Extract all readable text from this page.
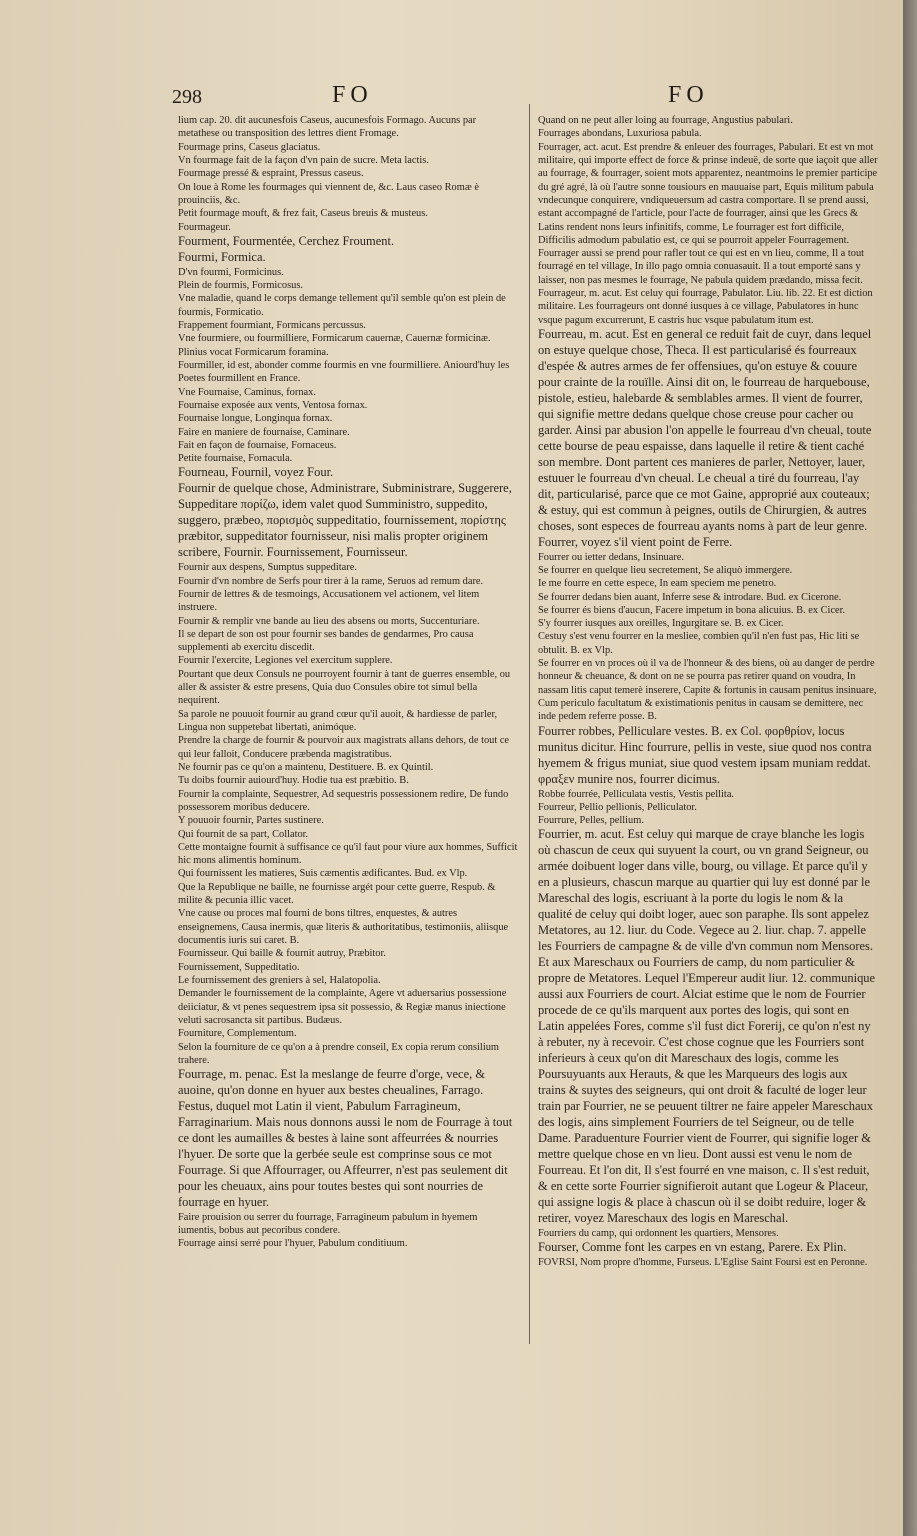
298	FO	FO

lium cap. 20. dit aucunesfois Caseus, aucunesfois Formago. Aucuns par metathese ou transposition des lettres dient Fromage.

Fourmage prins, Caseus glaciatus.

Vn fourmage fait de la façon d'vn pain de sucre. Meta lactis.

Fourmage pressé & espraint, Pressus caseus.

On loue à Rome les fourmages qui viennent de, &c. Laus caseo Romæ è prouinciis, &c.

Petit fourmage mouft, & frez fait, Caseus breuis & musteus.

Fourmageur.

Fourment, Fourmentée, Cerchez Froument.

Fourmi, Formica.

D'vn fourmi, Formicinus.

Plein de fourmis, Formicosus.

Vne maladie, quand le corps demange tellement qu'il semble qu'on est plein de fourmis, Formicatio.

Frappement fourmiant, Formicans percussus.

Vne fourmiere, ou fourmilliere, Formicarum cauernæ, Cauernæ formicinæ. Plinius vocat Formicarum foramina.

Fourmiller, id est, abonder comme fourmis en vne fourmilliere. Aniourd'huy les Poetes fourmillent en France.

Vne Fournaise, Caminus, fornax.

Fournaise exposée aux vents, Ventosa fornax.

Fournaise longue, Longinqua fornax.

Faire en maniere de fournaise, Caminare.

Fait en façon de fournaise, Fornaceus.

Petite fournaise, Fornacula.

Fourneau, Fournil, voyez Four.

Fournir de quelque chose, Administrare, Subministrare, Suggerere, Suppeditare πορίζω, idem valet quod Sumministro, suppedito, suggero, præbeo, πορισμὸς suppeditatio, fournissement, πορίστης præbitor, suppeditator fournisseur, nisi malis propter originem scribere, Fournir. Fournissement, Fournisseur.

Fournir aux despens, Sumptus suppeditare.

Fournir d'vn nombre de Serfs pour tirer à la rame, Seruos ad remum dare.

Fournir de lettres & de tesmoings, Accusationem vel actionem, vel litem instruere.

Fournir & remplir vne bande au lieu des absens ou morts, Succenturiare.

Il se depart de son ost pour fournir ses bandes de gendarmes, Pro causa supplementi ab exercitu discedit.

Fournir l'exercite, Legiones vel exercitum supplere.

Pourtant que deux Consuls ne pourroyent fournir à tant de guerres ensemble, ou aller & assister & estre presens, Quia duo Consules obire tot simul bella nequirent.

Sa parole ne pouuoit fournir au grand cœur qu'il auoit, & hardiesse de parler, Lingua non suppetebat libertati, animóque.

Prendre la charge de fournir & pourvoir aux magistrats allans dehors, de tout ce qui leur falloit, Conducere præbenda magistratibus.

Ne fournir pas ce qu'on a maintenu, Destituere. B. ex Quintil.

Tu doibs fournir auiourd'huy. Hodie tua est præbitio. B.

Fournir la complainte, Sequestrer, Ad sequestris possessionem redire, De fundo possessorem moribus deducere.

Y pouuoir fournir, Partes sustinere.

Qui fournit de sa part, Collator.

Cette montaigne fournit à suffisance ce qu'il faut pour viure aux hommes, Sufficit hic mons alimentis hominum.

Qui fournissent les matieres, Suis cæmentis ædificantes. Bud. ex Vlp.

Que la Republique ne baille, ne fournisse argét pour cette guerre, Respub. & milite & pecunia illic vacet.

Vne cause ou proces mal fourni de bons tiltres, enquestes, & autres enseignemens, Causa inermis, quæ literis & authoritatibus, testimoniis, aliisque documentis iuris sui caret. B.

Fournisseur. Qui baille & fournit autruy, Præbitor.

Fournissement, Suppeditatio.

Le fournissement des greniers à sel, Halatopolia.

Demander le fournissement de la complainte, Agere vt aduersarius possessione deiiciatur, & vt penes sequestrem ipsa sit possessio, & Regiæ manus iniectione veluti sacrosancta sit partibus. Budæus.

Fourniture, Complementum.

Selon la fourniture de ce qu'on a à prendre conseil, Ex copia rerum consilium trahere.

Fourrage, m. penac. Est la meslange de feurre d'orge, vece, & auoine, qu'on donne en hyuer aux bestes cheualines, Farrago. Festus, duquel mot Latin il vient, Pabulum Farragineum, Farraginarium. Mais nous donnons aussi le nom de Fourrage à tout ce dont les aumailles & bestes à laine sont affeurrées & nourries l'hyuer. De sorte que la gerbée seule est comprinse sous ce mot Fourrage. Si que Affourrager, ou Affeurrer, n'est pas seulement dit pour les cheuaux, ains pour toutes bestes qui sont nourries de fourrage en hyuer.

Faire prouision ou serrer du fourrage, Farragineum pabulum in hyemem iumentis, bobus aut pecoribus condere.

Fourrage ainsi serré pour l'hyuer, Pabulum conditiuum.

Quand on ne peut aller loing au fourrage, Angustius pabulari.

Fourrages abondans, Luxuriosa pabula.

Fourrager, act. acut. Est prendre & enleuer des fourrages, Pabulari. Et est vn mot militaire, qui importe effect de force & prinse indeuë, de sorte que iaçoit que aller au fourrage, & fourrager, soient mots apparentez, neantmoins le premier participe du gré agré, là où l'autre sonne tousiours en mauuaise part, Equis militum pabula vndecunque conquirere, vndiqueuersum ad castra comportare. Il se prend aussi, estant accompagné de l'article, pour l'acte de fourrager, ainsi que les Grecs & Latins rendent nons leurs infinitifs, comme, Le fourrager est fort difficile, Difficilis admodum pabulatio est, ce qui se pourroit appeler Fourragement. Fourrager aussi se prend pour rafler tout ce qui est en vn lieu, comme, Il a tout fourragé en tel village, In illo pago omnia conuasauit. Il a tout emporté sans y laisser, non pas mesmes le fourrage, Ne pabula quidem prædando, missa fecit.

Fourrageur, m. acut. Est celuy qui fourrage, Pabulator. Liu. lib. 22. Et est diction militaire. Les fourrageurs ont donné iusques à ce village, Pabulatores in hunc vsque pagum excurrerunt, E castris huc vsque pabulatum itum est.

Fourreau, m. acut. Est en general ce reduit fait de cuyr, dans lequel on estuye quelque chose, Theca. Il est particularisé és fourreaux d'espée & autres armes de fer offensiues, qu'on estuye & couure pour crainte de la rouïlle. Ainsi dit on, le fourreau de harquebouse, pistole, estieu, halebarde & semblables armes. Il vient de fourrer, qui signifie mettre dedans quelque chose creuse pour cacher ou garder. Ainsi par abusion l'on appelle le fourreau d'vn cheual, toute cette bourse de peau espaisse, dans laquelle il retire & tient caché son membre. Dont partent ces manieres de parler, Nettoyer, lauer, estuuer le fourreau d'vn cheual. Le cheual a tiré du fourreau, l'ay dit, particularisé, parce que ce mot Gaine, approprié aux couteaux; & estuy, qui est commun à peignes, outils de Chirurgien, & autres choses, sont especes de fourreau ayants noms à part de leur genre.

Fourrer, voyez s'il vient point de Ferre.

Fourrer ou ietter dedans, Insinuare.

Se fourrer en quelque lieu secretement, Se aliquò immergere.

Ie me fourre en cette espece, In eam speciem me penetro.

Se fourrer dedans bien auant, Inferre sese & introdare. Bud. ex Cicerone.

Se fourrer és biens d'aucun, Facere impetum in bona alicuius. B. ex Cicer.

S'y fourrer iusques aux oreilles, Ingurgitare se. B. ex Cicer.

Cestuy s'est venu fourrer en la mesliee, combien qu'il n'en fust pas, Hic liti se obtulit. B. ex Vlp.

Se fourrer en vn proces où il va de l'honneur & des biens, où au danger de perdre honneur & cheuance, & dont on ne se pourra pas retirer quand on voudra, In nassam litis caput temerè inserere, Capite & fortunis in causam penitus insinuare, Cum periculo facultatum & existimationis penitus in causam se demittere, nec inde pedem referre posse. B.

Fourrer robbes, Pelliculare vestes. B. ex Col. φορθρίον, locus munitus dicitur. Hinc fourrure, pellis in veste, siue quod nos contra hyemem & frigus muniat, siue quod vestem ipsam muniam reddat. φραξεν munire nos, fourrer dicimus.

Robbe fourrée, Pelliculata vestis, Vestis pellita.

Fourreur, Pellio pellionis, Pelliculator.

Fourrure, Pelles, pellium.

Fourrier, m. acut. Est celuy qui marque de craye blanche les logis où chascun de ceux qui suyuent la court, ou vn grand Seigneur, ou armée doibuent loger dans ville, bourg, ou village. Et parce qu'il y en a plusieurs, chascun marque au quartier qui luy est donné par le Mareschal des logis, escriuant à la porte du logis le nom & la qualité de celuy qui doibt loger, auec son paraphe. Ils sont appelez Metatores, au 12. liur. du Code. Vegece au 2. liur. chap. 7. appelle les Fourriers de campagne & de ville d'vn commun nom Mensores. Et aux Mareschaux ou Fourriers de camp, du nom particulier & propre de Metatores. Lequel l'Empereur audit liur. 12. communique aussi aux Fourriers de court. Alciat estime que le nom de Fourrier procede de ce qu'ils marquent aux portes des logis, qui sont en Latin appelées Fores, comme s'il fust dict Forerij, ce qu'on n'est ny à rebuter, ny à recevoir. C'est chose cognue que les Fourriers sont inferieurs à ceux qu'on dit Mareschaux des logis, comme les Poursuyuants aux Herauts, & que les Marqueurs des logis aux trains & suytes des seigneurs, qui ont droit & faculté de loger leur train par Fourrier, ne se peuuent tiltrer ne faire appeler Mareschaux des logis, ains simplement Fourriers de tel Seigneur, ou de telle Dame. Paraduenture Fourrier vient de Fourrer, qui signifie loger & mettre quelque chose en vn lieu. Dont aussi est venu le nom de Fourreau. Et l'on dit, Il s'est fourré en vne maison, c. Il s'est reduit, & en cette sorte Fourrier signifieroit autant que Logeur & Placeur, qui assigne logis & place à chascun où il se doibt reduire, loger & retirer, voyez Mareschaux des logis en Mareschal.

Fourriers du camp, qui ordonnent les quartiers, Mensores.

Fourser, Comme font les carpes en vn estang, Parere. Ex Plin.

FOVRSI, Nom propre d'homme, Furseus. L'Eglise Saint Foursi est en Peronne.
